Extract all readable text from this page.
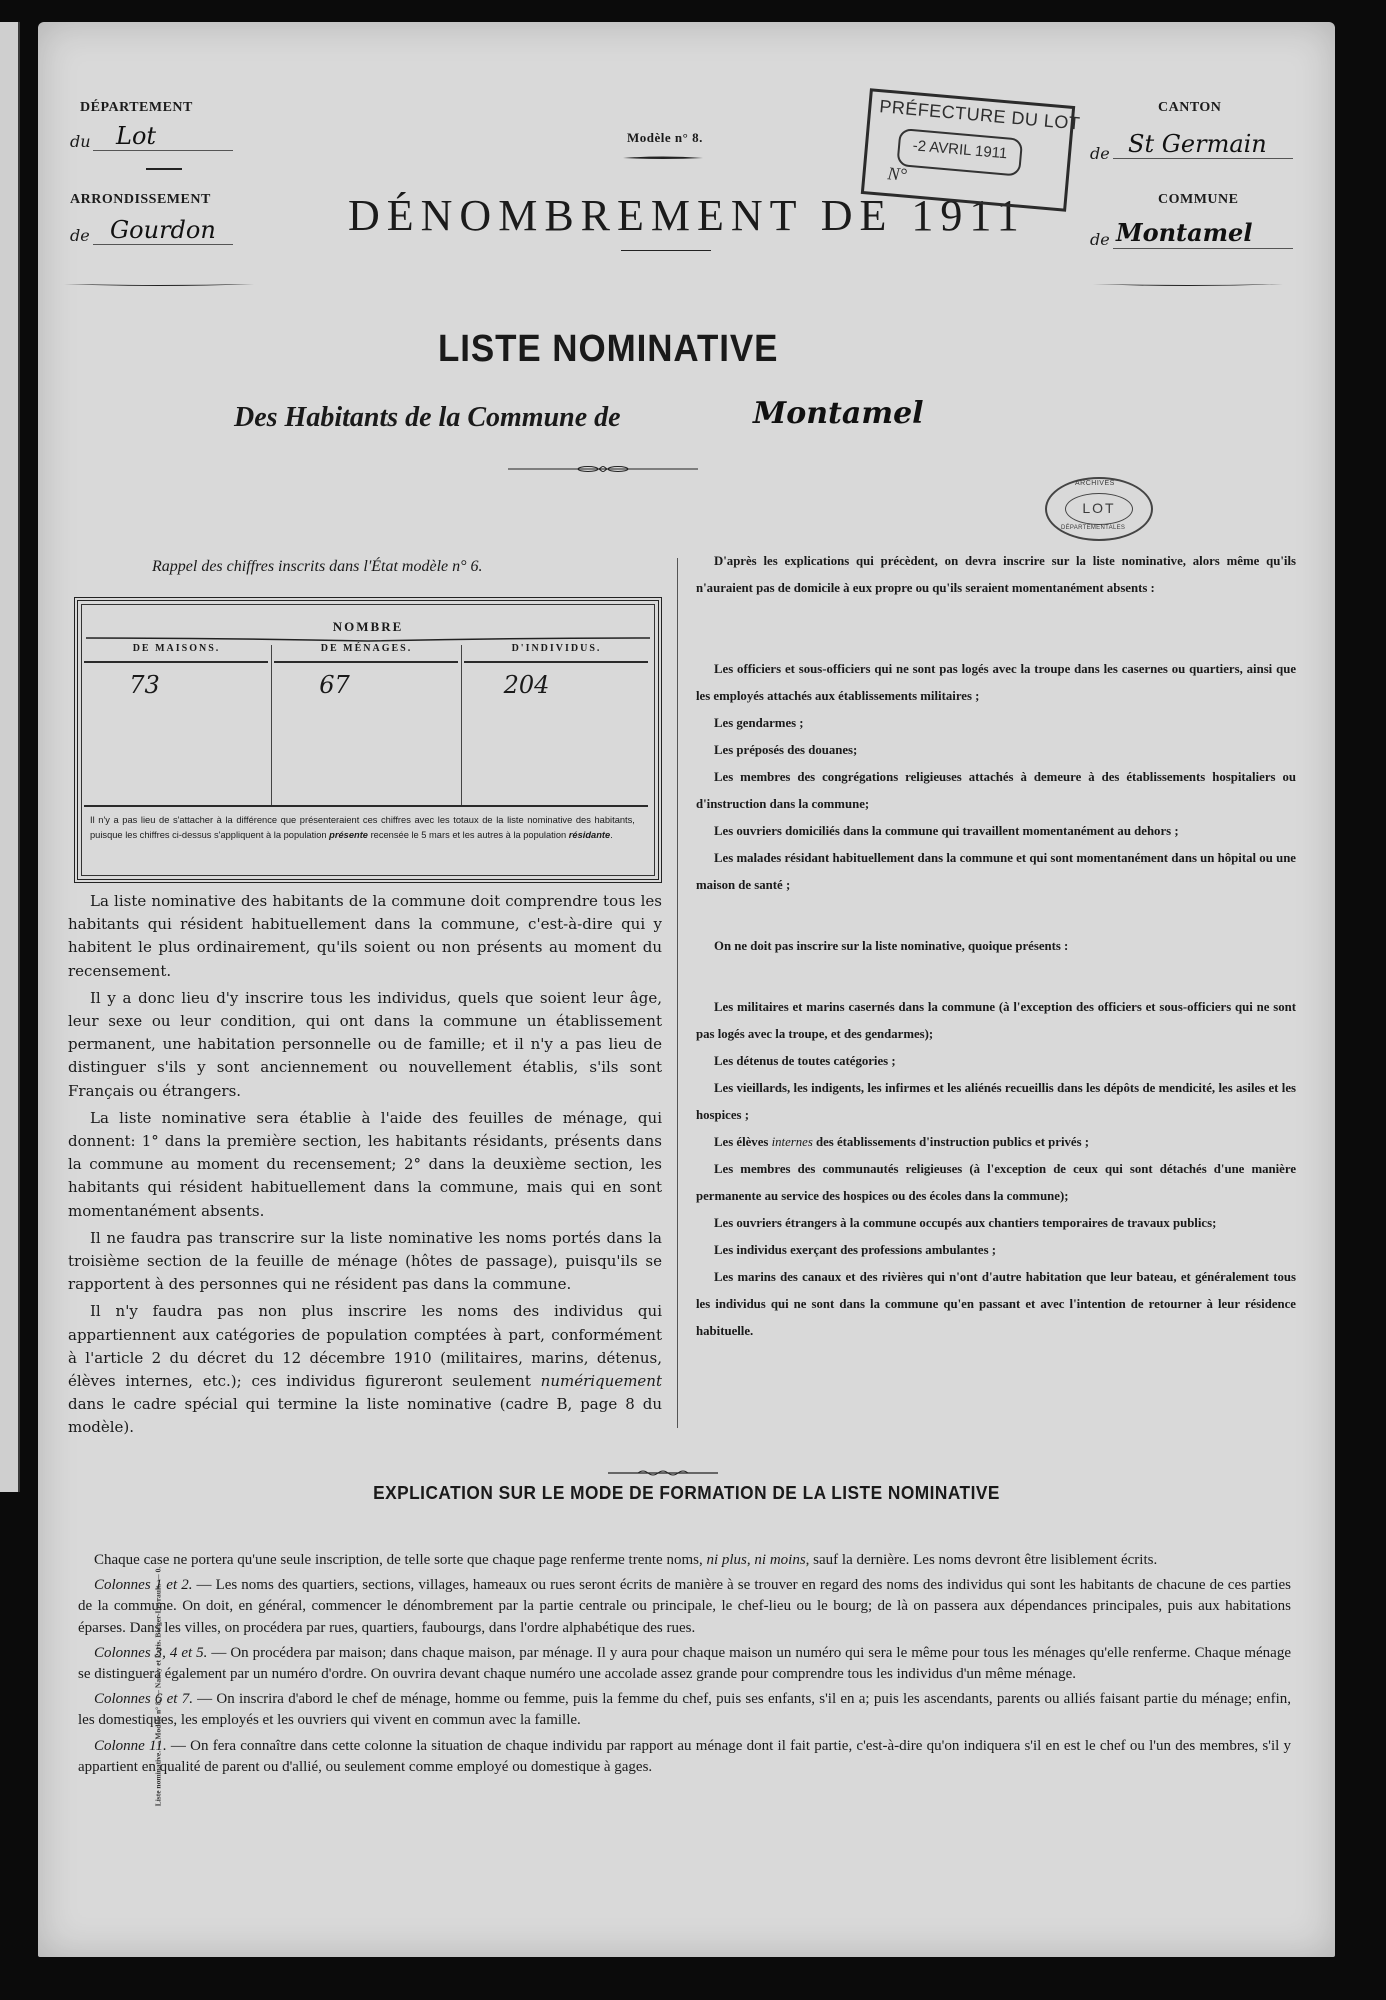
DÉPARTEMENT
du Lot
ARRONDISSEMENT
de Gourdon
Modèle n° 8.
DÉNOMBREMENT DE 1911
PRÉFECTURE DU LOT
-2 AVRIL 1911
N°
CANTON
de St Germain
COMMUNE
de Montamel
LISTE NOMINATIVE
Des Habitants de la Commune de	Montamel
ARCHIVES
LOT
DÉPARTEMENTALES
Rappel des chiffres inscrits dans l'État modèle n° 6.
NOMBRE
DE MAISONS.	DE MÉNAGES.	D'INDIVIDUS.
73	67	204
Il n'y a pas lieu de s'attacher à la différence que présenteraient ces chiffres avec les totaux de la liste nominative des habitants, puisque les chiffres ci-dessus s'appliquent à la population présente recensée le 5 mars et les autres à la population résidante.

La liste nominative des habitants de la commune doit comprendre tous les habitants qui résident habituellement dans la commune, c'est-à-dire qui y habitent le plus ordinairement, qu'ils soient ou non présents au moment du recensement.

Il y a donc lieu d'y inscrire tous les individus, quels que soient leur âge, leur sexe ou leur condition, qui ont dans la commune un établissement permanent, une habitation personnelle ou de famille; et il n'y a pas lieu de distinguer s'ils y sont anciennement ou nouvellement établis, s'ils sont Français ou étrangers.

La liste nominative sera établie à l'aide des feuilles de ménage, qui donnent: 1° dans la première section, les habitants résidants, présents dans la commune au moment du recensement; 2° dans la deuxième section, les habitants qui résident habituellement dans la commune, mais qui en sont momentanément absents.

Il ne faudra pas transcrire sur la liste nominative les noms portés dans la troisième section de la feuille de ménage (hôtes de passage), puisqu'ils se rapportent à des personnes qui ne résident pas dans la commune.

Il n'y faudra pas non plus inscrire les noms des individus qui appartiennent aux catégories de population comptées à part, conformément à l'article 2 du décret du 12 décembre 1910 (militaires, marins, détenus, élèves internes, etc.); ces individus figureront seulement numériquement dans le cadre spécial qui termine la liste nominative (cadre B, page 8 du modèle).

D'après les explications qui précèdent, on devra inscrire sur la liste nominative, alors même qu'ils n'auraient pas de domicile à eux propre ou qu'ils seraient momentanément absents :

Les officiers et sous-officiers qui ne sont pas logés avec la troupe dans les casernes ou quartiers, ainsi que les employés attachés aux établissements militaires ;

Les gendarmes ;

Les préposés des douanes;

Les membres des congrégations religieuses attachés à demeure à des établissements hospitaliers ou d'instruction dans la commune;

Les ouvriers domiciliés dans la commune qui travaillent momentanément au dehors ;

Les malades résidant habituellement dans la commune et qui sont momentanément dans un hôpital ou une maison de santé ;

On ne doit pas inscrire sur la liste nominative, quoique présents :

Les militaires et marins casernés dans la commune (à l'exception des officiers et sous-officiers qui ne sont pas logés avec la troupe, et des gendarmes);

Les détenus de toutes catégories ;

Les vieillards, les indigents, les infirmes et les aliénés recueillis dans les dépôts de mendicité, les asiles et les hospices ;

Les élèves internes des établissements d'instruction publics et privés ;

Les membres des communautés religieuses (à l'exception de ceux qui sont détachés d'une manière permanente au service des hospices ou des écoles dans la commune);

Les ouvriers étrangers à la commune occupés aux chantiers temporaires de travaux publics;

Les individus exerçant des professions ambulantes ;

Les marins des canaux et des rivières qui n'ont d'autre habitation que leur bateau, et généralement tous les individus qui ne sont dans la commune qu'en passant et avec l'intention de retourner à leur résidence habituelle.

EXPLICATION SUR LE MODE DE FORMATION DE LA LISTE NOMINATIVE

Chaque case ne portera qu'une seule inscription, de telle sorte que chaque page renferme trente noms, ni plus, ni moins, sauf la dernière. Les noms devront être lisiblement écrits.

Colonnes 1 et 2. — Les noms des quartiers, sections, villages, hameaux ou rues seront écrits de manière à se trouver en regard des noms des individus qui sont les habitants de chacune de ces parties de la commune. On doit, en général, commencer le dénombrement par la partie centrale ou principale, le chef-lieu ou le bourg; de là on passera aux dépendances principales, puis aux habitations éparses. Dans les villes, on procédera par rues, quartiers, faubourgs, dans l'ordre alphabétique des rues.

Colonnes 3, 4 et 5. — On procédera par maison; dans chaque maison, par ménage. Il y aura pour chaque maison un numéro qui sera le même pour tous les ménages qu'elle renferme. Chaque ménage se distinguera également par un numéro d'ordre. On ouvrira devant chaque numéro une accolade assez grande pour comprendre tous les individus d'un même ménage.

Colonnes 6 et 7. — On inscrira d'abord le chef de ménage, homme ou femme, puis la femme du chef, puis ses enfants, s'il en a; puis les ascendants, parents ou alliés faisant partie du ménage; enfin, les domestiques, les employés et les ouvriers qui vivent en commun avec la famille.

Colonne 11. — On fera connaître dans cette colonne la situation de chaque individu par rapport au ménage dont il fait partie, c'est-à-dire qu'on indiquera s'il en est le chef ou l'un des membres, s'il y appartient en qualité de parent ou d'allié, ou seulement comme employé ou domestique à gages.

Liste nominative. — Modèle n° 8. — Nancy et Paris. Berger-Levrault. — 0.
